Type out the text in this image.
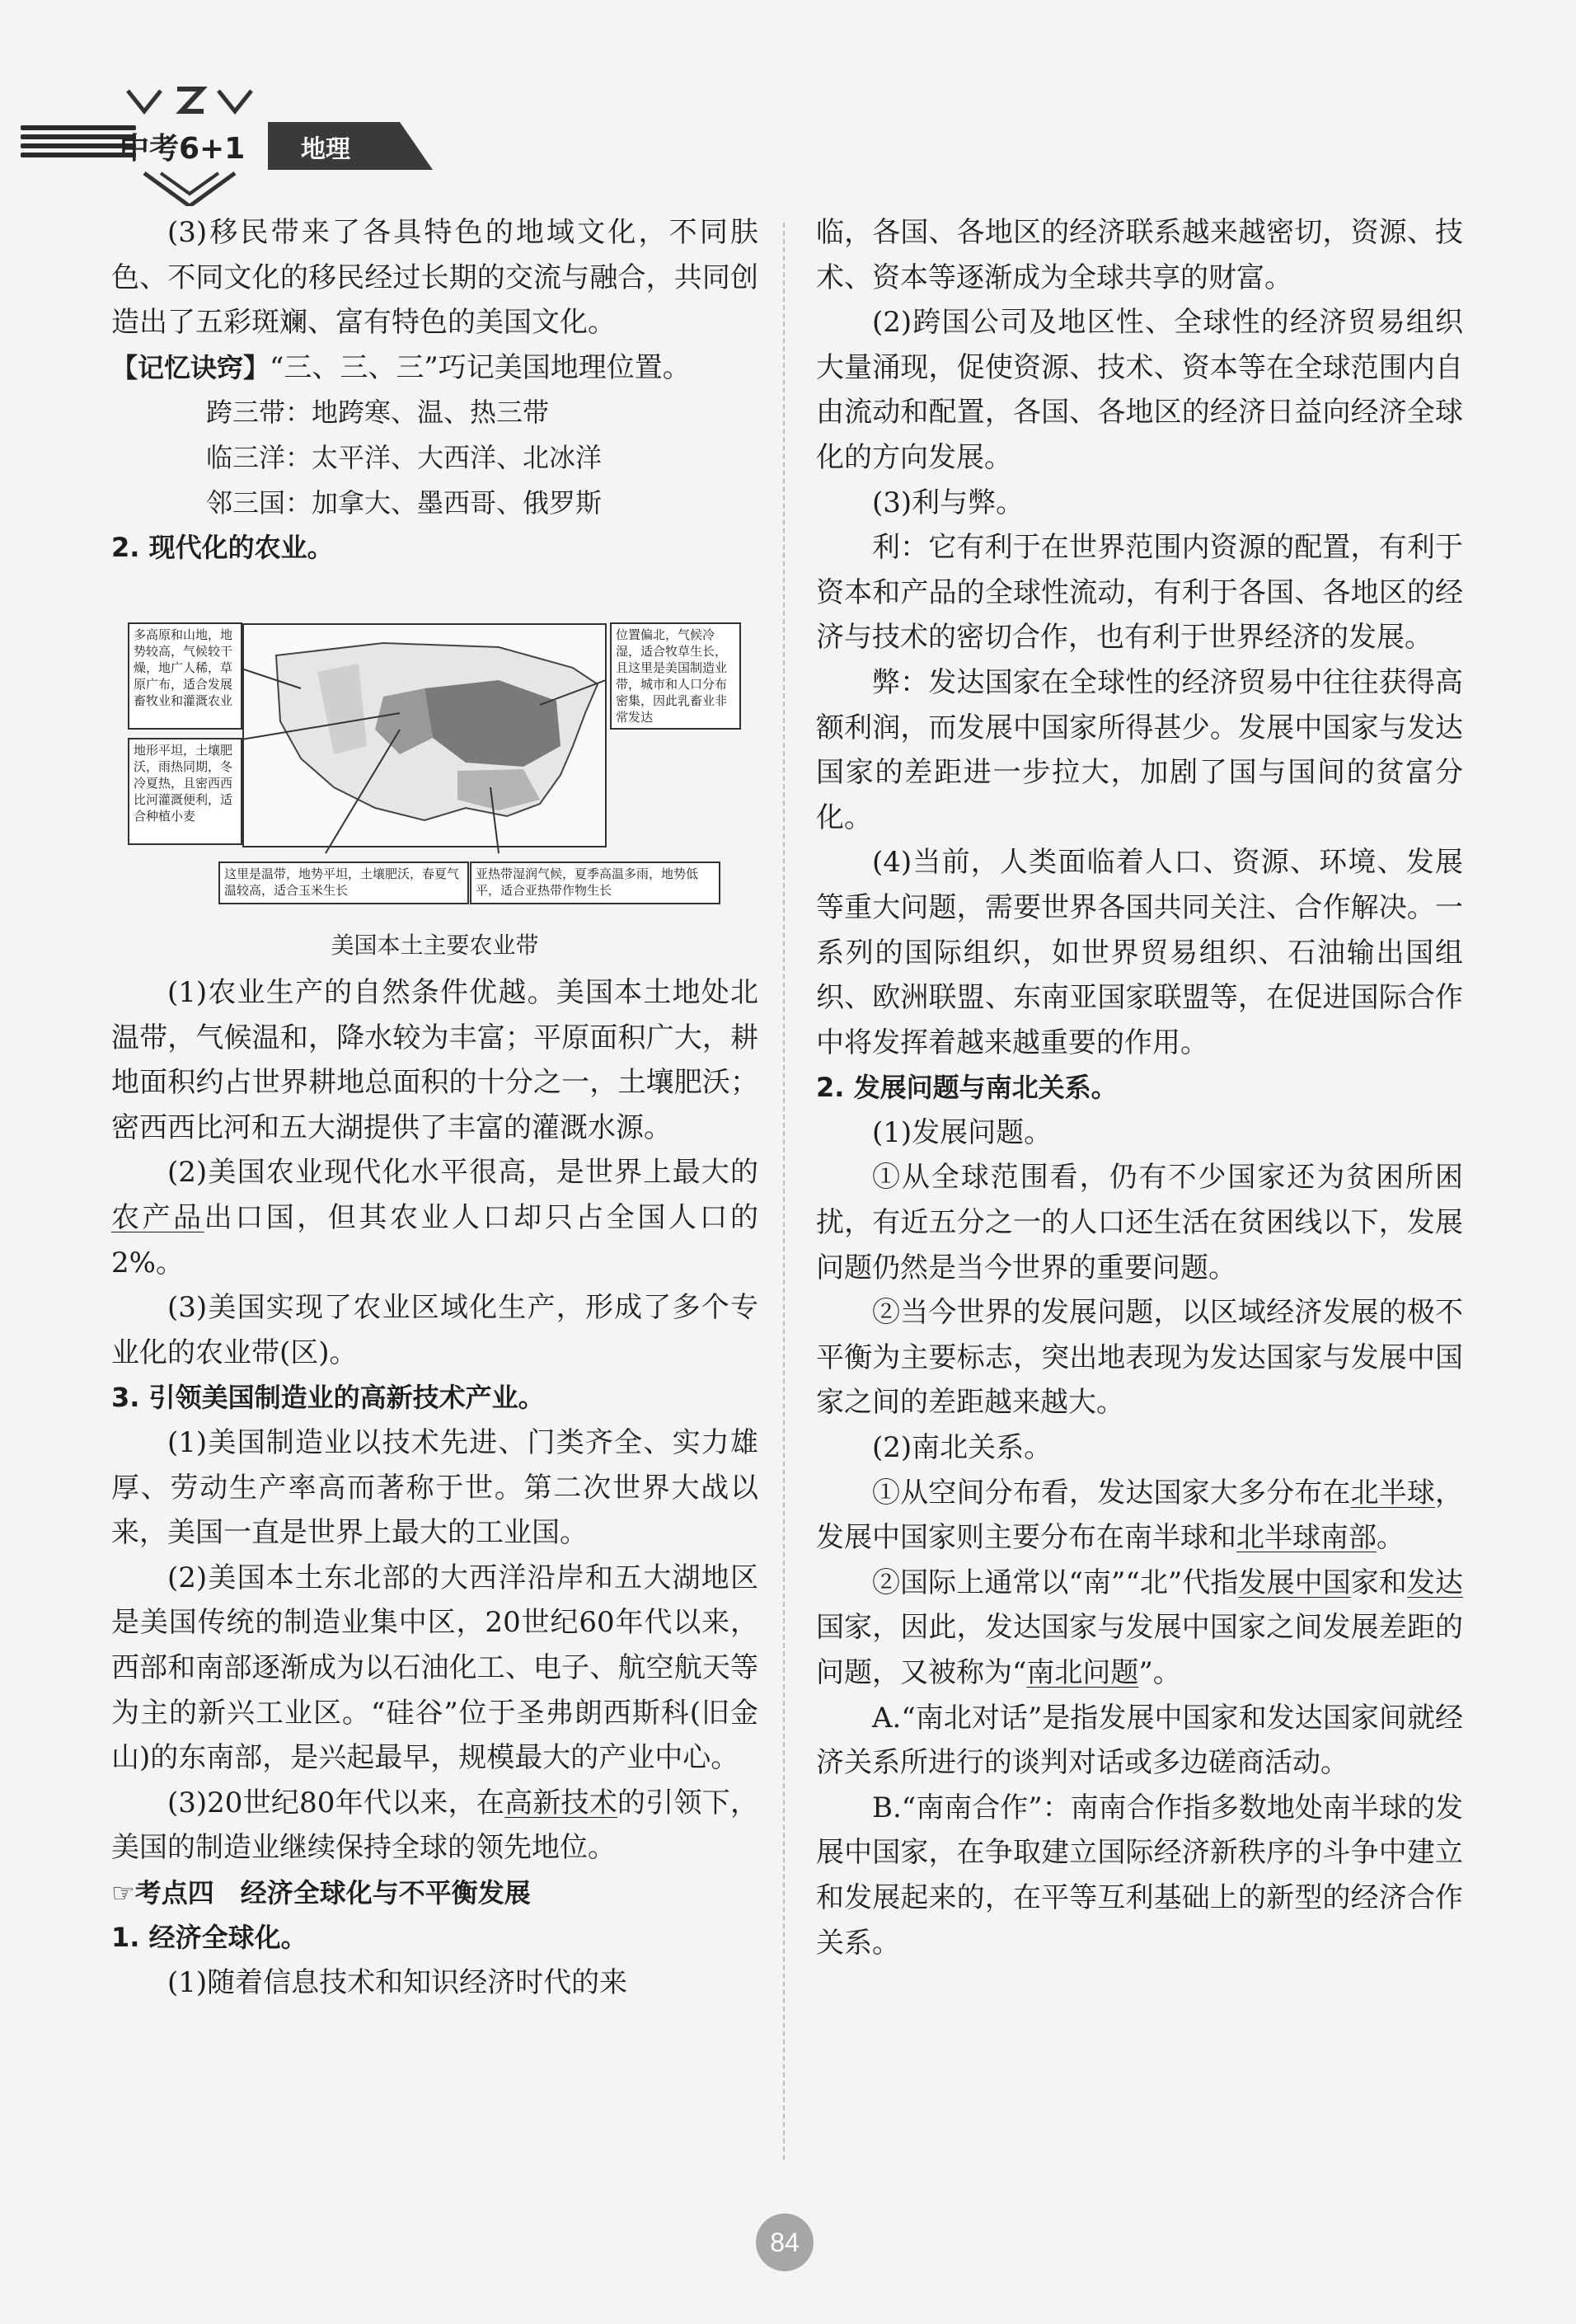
中考6+1	地理

(3)移民带来了各具特色的地域文化，不同肤色、不同文化的移民经过长期的交流与融合，共同创造出了五彩斑斓、富有特色的美国文化。

【记忆诀窍】“三、三、三”巧记美国地理位置。

跨三带：地跨寒、温、热三带

临三洋：太平洋、大西洋、北冰洋

邻三国：加拿大、墨西哥、俄罗斯

2. 现代化的农业。

多高原和山地，地势较高，气候较干燥，地广人稀，草原广布，适合发展畜牧业和灌溉农业
地形平坦，土壤肥沃，雨热同期，冬冷夏热，且密西西比河灌溉便利，适合种植小麦
位置偏北，气候冷湿，适合牧草生长，且这里是美国制造业带，城市和人口分布密集，因此乳畜业非常发达
这里是温带，地势平坦，土壤肥沃，春夏气温较高，适合玉米生长
亚热带湿润气候，夏季高温多雨，地势低平，适合亚热带作物生长
美国本土主要农业带

(1)农业生产的自然条件优越。美国本土地处北温带，气候温和，降水较为丰富；平原面积广大，耕地面积约占世界耕地总面积的十分之一，土壤肥沃；密西西比河和五大湖提供了丰富的灌溉水源。

(2)美国农业现代化水平很高，是世界上最大的农产品出口国，但其农业人口却只占全国人口的2%。

(3)美国实现了农业区域化生产，形成了多个专业化的农业带(区)。

3. 引领美国制造业的高新技术产业。

(1)美国制造业以技术先进、门类齐全、实力雄厚、劳动生产率高而著称于世。第二次世界大战以来，美国一直是世界上最大的工业国。

(2)美国本土东北部的大西洋沿岸和五大湖地区是美国传统的制造业集中区，20世纪60年代以来，西部和南部逐渐成为以石油化工、电子、航空航天等为主的新兴工业区。“硅谷”位于圣弗朗西斯科(旧金山)的东南部，是兴起最早，规模最大的产业中心。

(3)20世纪80年代以来，在高新技术的引领下，美国的制造业继续保持全球的领先地位。

☞考点四　经济全球化与不平衡发展

1. 经济全球化。

(1)随着信息技术和知识经济时代的来

临，各国、各地区的经济联系越来越密切，资源、技术、资本等逐渐成为全球共享的财富。

(2)跨国公司及地区性、全球性的经济贸易组织大量涌现，促使资源、技术、资本等在全球范围内自由流动和配置，各国、各地区的经济日益向经济全球化的方向发展。

(3)利与弊。

利：它有利于在世界范围内资源的配置，有利于资本和产品的全球性流动，有利于各国、各地区的经济与技术的密切合作，也有利于世界经济的发展。

弊：发达国家在全球性的经济贸易中往往获得高额利润，而发展中国家所得甚少。发展中国家与发达国家的差距进一步拉大，加剧了国与国间的贫富分化。

(4)当前，人类面临着人口、资源、环境、发展等重大问题，需要世界各国共同关注、合作解决。一系列的国际组织，如世界贸易组织、石油输出国组织、欧洲联盟、东南亚国家联盟等，在促进国际合作中将发挥着越来越重要的作用。

2. 发展问题与南北关系。

(1)发展问题。

①从全球范围看，仍有不少国家还为贫困所困扰，有近五分之一的人口还生活在贫困线以下，发展问题仍然是当今世界的重要问题。

②当今世界的发展问题，以区域经济发展的极不平衡为主要标志，突出地表现为发达国家与发展中国家之间的差距越来越大。

(2)南北关系。

①从空间分布看，发达国家大多分布在北半球，发展中国家则主要分布在南半球和北半球南部。

②国际上通常以“南”“北”代指发展中国家和发达国家，因此，发达国家与发展中国家之间发展差距的问题，又被称为“南北问题”。

A.“南北对话”是指发展中国家和发达国家间就经济关系所进行的谈判对话或多边磋商活动。

B.“南南合作”：南南合作指多数地处南半球的发展中国家，在争取建立国际经济新秩序的斗争中建立和发展起来的，在平等互利基础上的新型的经济合作关系。

84
